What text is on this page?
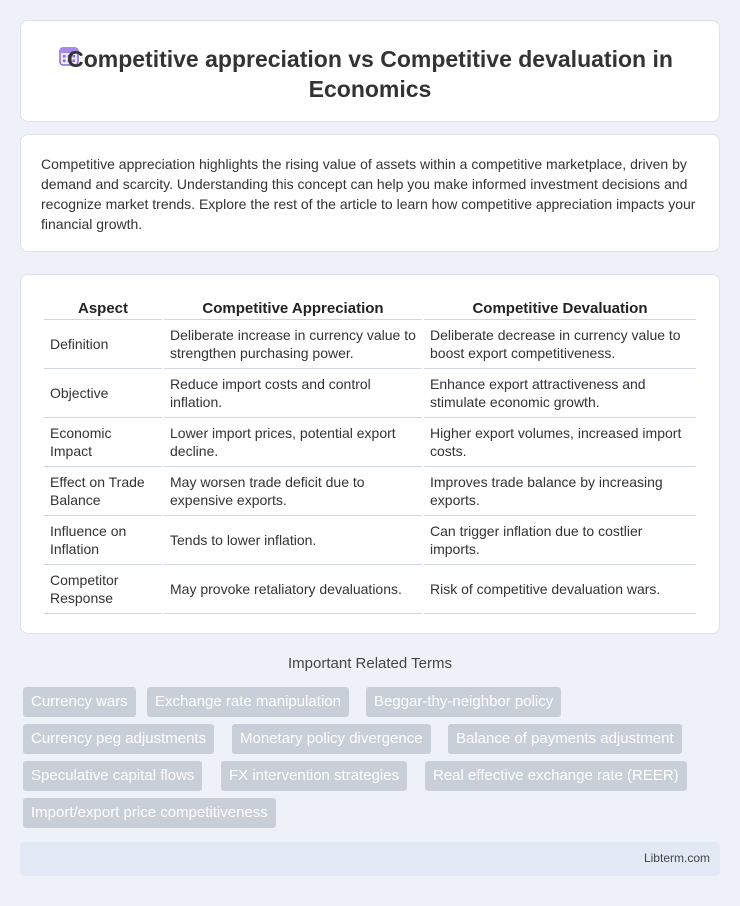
Competitive appreciation vs Competitive devaluation in Economics

Competitive appreciation highlights the rising value of assets within a competitive marketplace, driven by demand and scarcity. Understanding this concept can help you make informed investment decisions and recognize market trends. Explore the rest of the article to learn how competitive appreciation impacts your financial growth.

Aspect	Competitive Appreciation	Competitive Devaluation
Definition	Deliberate increase in currency value to strengthen purchasing power.	Deliberate decrease in currency value to boost export competitiveness.
Objective	Reduce import costs and control inflation.	Enhance export attractiveness and stimulate economic growth.
Economic Impact	Lower import prices, potential export decline.	Higher export volumes, increased import costs.
Effect on Trade Balance	May worsen trade deficit due to expensive exports.	Improves trade balance by increasing exports.
Influence on Inflation	Tends to lower inflation.	Can trigger inflation due to costlier imports.
Competitor Response	May provoke retaliatory devaluations.	Risk of competitive devaluation wars.
Important Related Terms
Currency wars	Exchange rate manipulation	Beggar-thy-neighbor policy
Currency peg adjustments	Monetary policy divergence	Balance of payments adjustment
Speculative capital flows	FX intervention strategies	Real effective exchange rate (REER)
Import/export price competitiveness
Libterm.com
